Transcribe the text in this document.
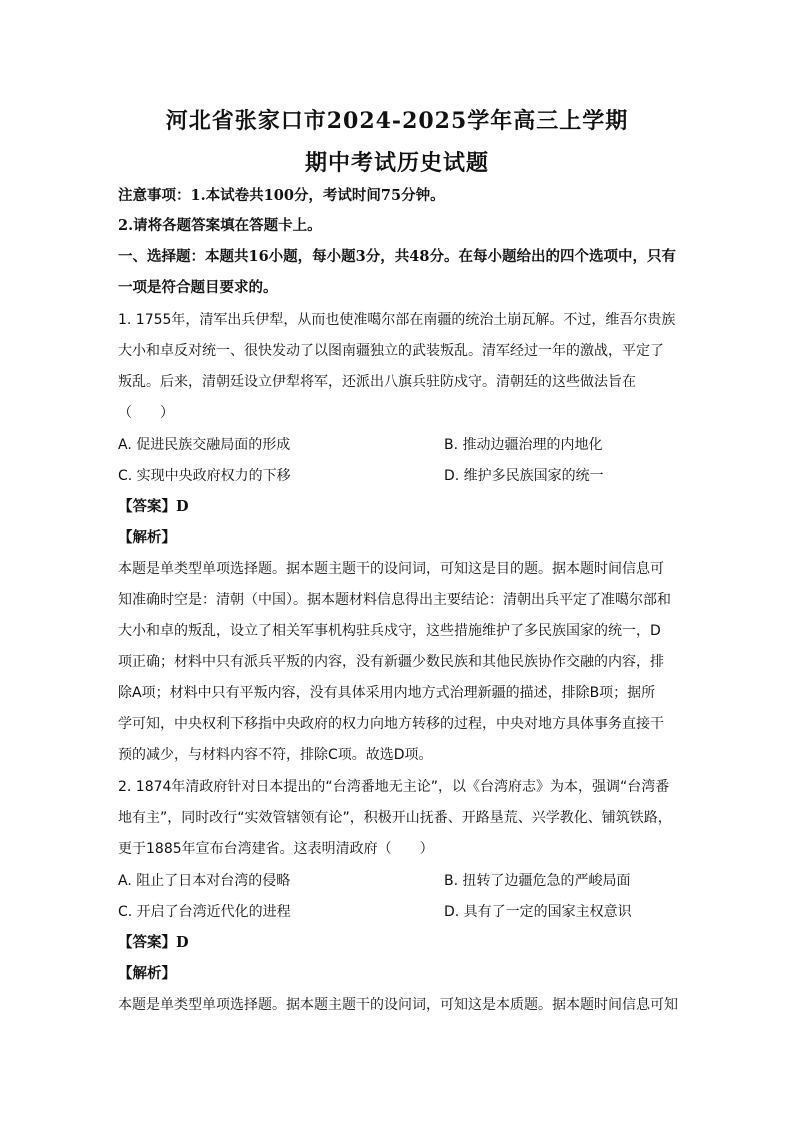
河北省张家口市2024-2025学年高三上学期
期中考试历史试题
注意事项：1.本试卷共100分，考试时间75分钟。
2.请将各题答案填在答题卡上。
一、选择题：本题共16小题，每小题3分，共48分。在每小题给出的四个选项中，只有
一项是符合题目要求的。
1. 1755年，清军出兵伊犁，从而也使准噶尔部在南疆的统治土崩瓦解。不过，维吾尔贵族
大小和卓反对统一、很快发动了以图南疆独立的武装叛乱。清军经过一年的激战，平定了
叛乱。后来，清朝廷设立伊犁将军，还派出八旗兵驻防戍守。清朝廷的这些做法旨在
（　　）
A. 促进民族交融局面的形成	B. 推动边疆治理的内地化
C. 实现中央政府权力的下移	D. 维护多民族国家的统一
【答案】D
【解析】
本题是单类型单项选择题。据本题主题干的设问词，可知这是目的题。据本题时间信息可
知准确时空是：清朝（中国）。据本题材料信息得出主要结论：清朝出兵平定了准噶尔部和
大小和卓的叛乱，设立了相关军事机构驻兵戍守，这些措施维护了多民族国家的统一，D
项正确；材料中只有派兵平叛的内容，没有新疆少数民族和其他民族协作交融的内容，排
除A项；材料中只有平叛内容，没有具体采用内地方式治理新疆的描述，排除B项；据所
学可知，中央权利下移指中央政府的权力向地方转移的过程，中央对地方具体事务直接干
预的减少，与材料内容不符，排除C项。故选D项。
2. 1874年清政府针对日本提出的“台湾番地无主论”，以《台湾府志》为本，强调“台湾番
地有主”，同时改行“实效管辖领有论”，积极开山抚番、开路垦荒、兴学教化、铺筑铁路，
更于1885年宣布台湾建省。这表明清政府（　　）
A. 阻止了日本对台湾的侵略	B. 扭转了边疆危急的严峻局面
C. 开启了台湾近代化的进程	D. 具有了一定的国家主权意识
【答案】D
【解析】
本题是单类型单项选择题。据本题主题干的设问词，可知这是本质题。据本题时间信息可知
